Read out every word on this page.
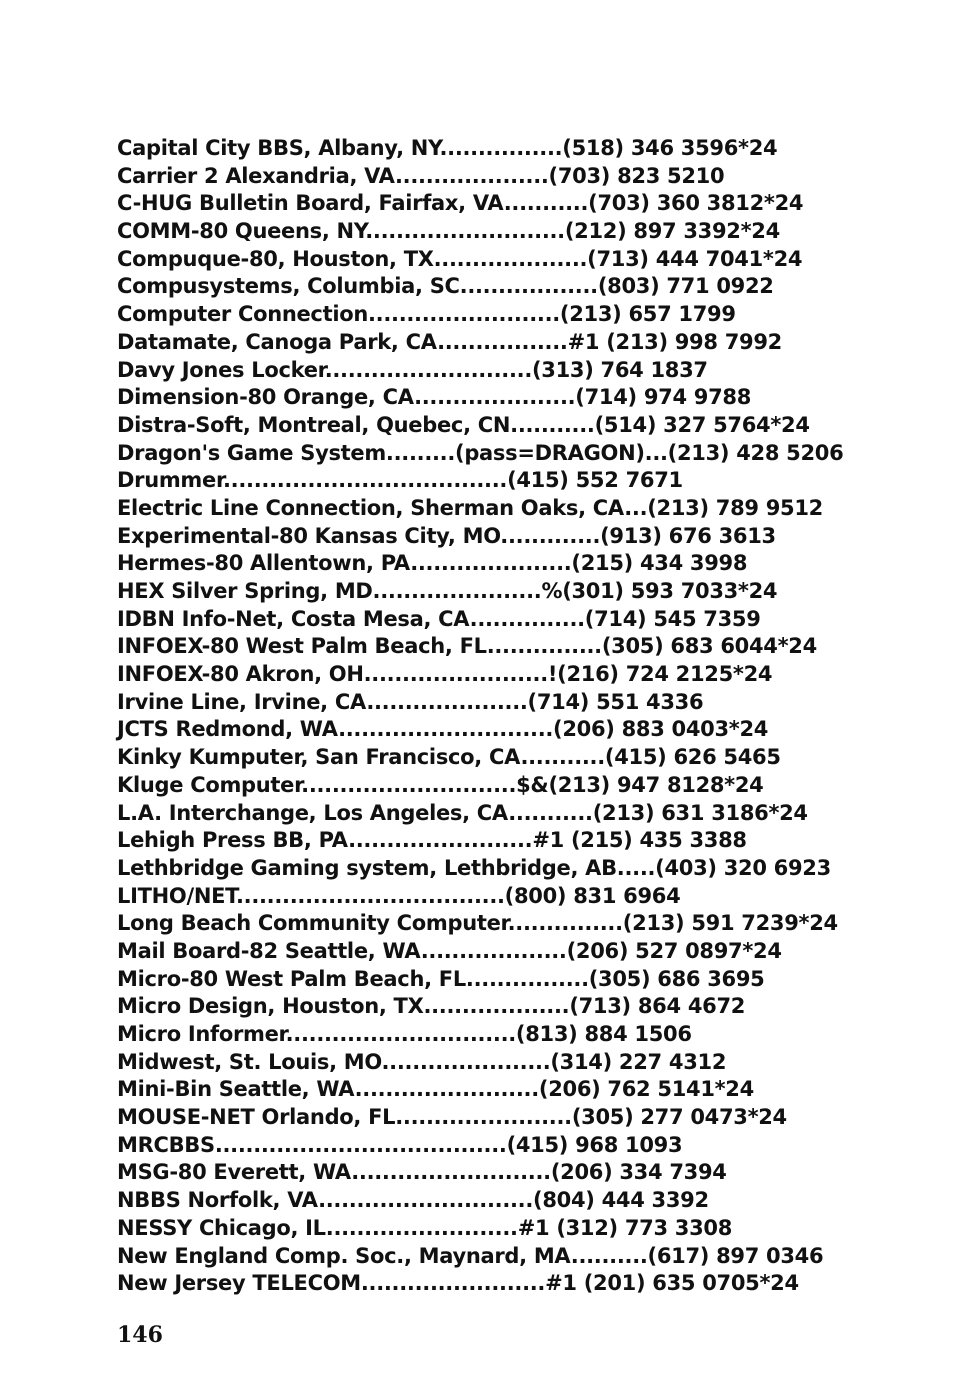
Capital City BBS, Albany, NY................(518) 346 3596*24
Carrier 2 Alexandria, VA....................(703) 823 5210
C-HUG Bulletin Board, Fairfax, VA...........(703) 360 3812*24
COMM-80 Queens, NY..........................(212) 897 3392*24
Compuque-80, Houston, TX....................(713) 444 7041*24
Compusystems, Columbia, SC..................(803) 771 0922
Computer Connection.........................(213) 657 1799
Datamate, Canoga Park, CA.................#1 (213) 998 7992
Davy Jones Locker...........................(313) 764 1837
Dimension-80 Orange, CA.....................(714) 974 9788
Distra-Soft, Montreal, Quebec, CN...........(514) 327 5764*24
Dragon's Game System.........(pass=DRAGON)...(213) 428 5206
Drummer.....................................(415) 552 7671
Electric Line Connection, Sherman Oaks, CA...(213) 789 9512
Experimental-80 Kansas City, MO.............(913) 676 3613
Hermes-80 Allentown, PA.....................(215) 434 3998
HEX Silver Spring, MD......................%(301) 593 7033*24
IDBN Info-Net, Costa Mesa, CA...............(714) 545 7359
INFOEX-80 West Palm Beach, FL...............(305) 683 6044*24
INFOEX-80 Akron, OH........................!(216) 724 2125*24
Irvine Line, Irvine, CA.....................(714) 551 4336
JCTS Redmond, WA............................(206) 883 0403*24
Kinky Kumputer, San Francisco, CA...........(415) 626 5465
Kluge Computer............................$&(213) 947 8128*24
L.A. Interchange, Los Angeles, CA...........(213) 631 3186*24
Lehigh Press BB, PA........................#1 (215) 435 3388
Lethbridge Gaming system, Lethbridge, AB.....(403) 320 6923
LITHO/NET...................................(800) 831 6964
Long Beach Community Computer...............(213) 591 7239*24
Mail Board-82 Seattle, WA...................(206) 527 0897*24
Micro-80 West Palm Beach, FL................(305) 686 3695
Micro Design, Houston, TX...................(713) 864 4672
Micro Informer..............................(813) 884 1506
Midwest, St. Louis, MO......................(314) 227 4312
Mini-Bin Seattle, WA........................(206) 762 5141*24
MOUSE-NET Orlando, FL.......................(305) 277 0473*24
MRCBBS......................................(415) 968 1093
MSG-80 Everett, WA..........................(206) 334 7394
NBBS Norfolk, VA............................(804) 444 3392
NESSY Chicago, IL.........................#1 (312) 773 3308
New England Comp. Soc., Maynard, MA..........(617) 897 0346
New Jersey TELECOM........................#1 (201) 635 0705*24
146
